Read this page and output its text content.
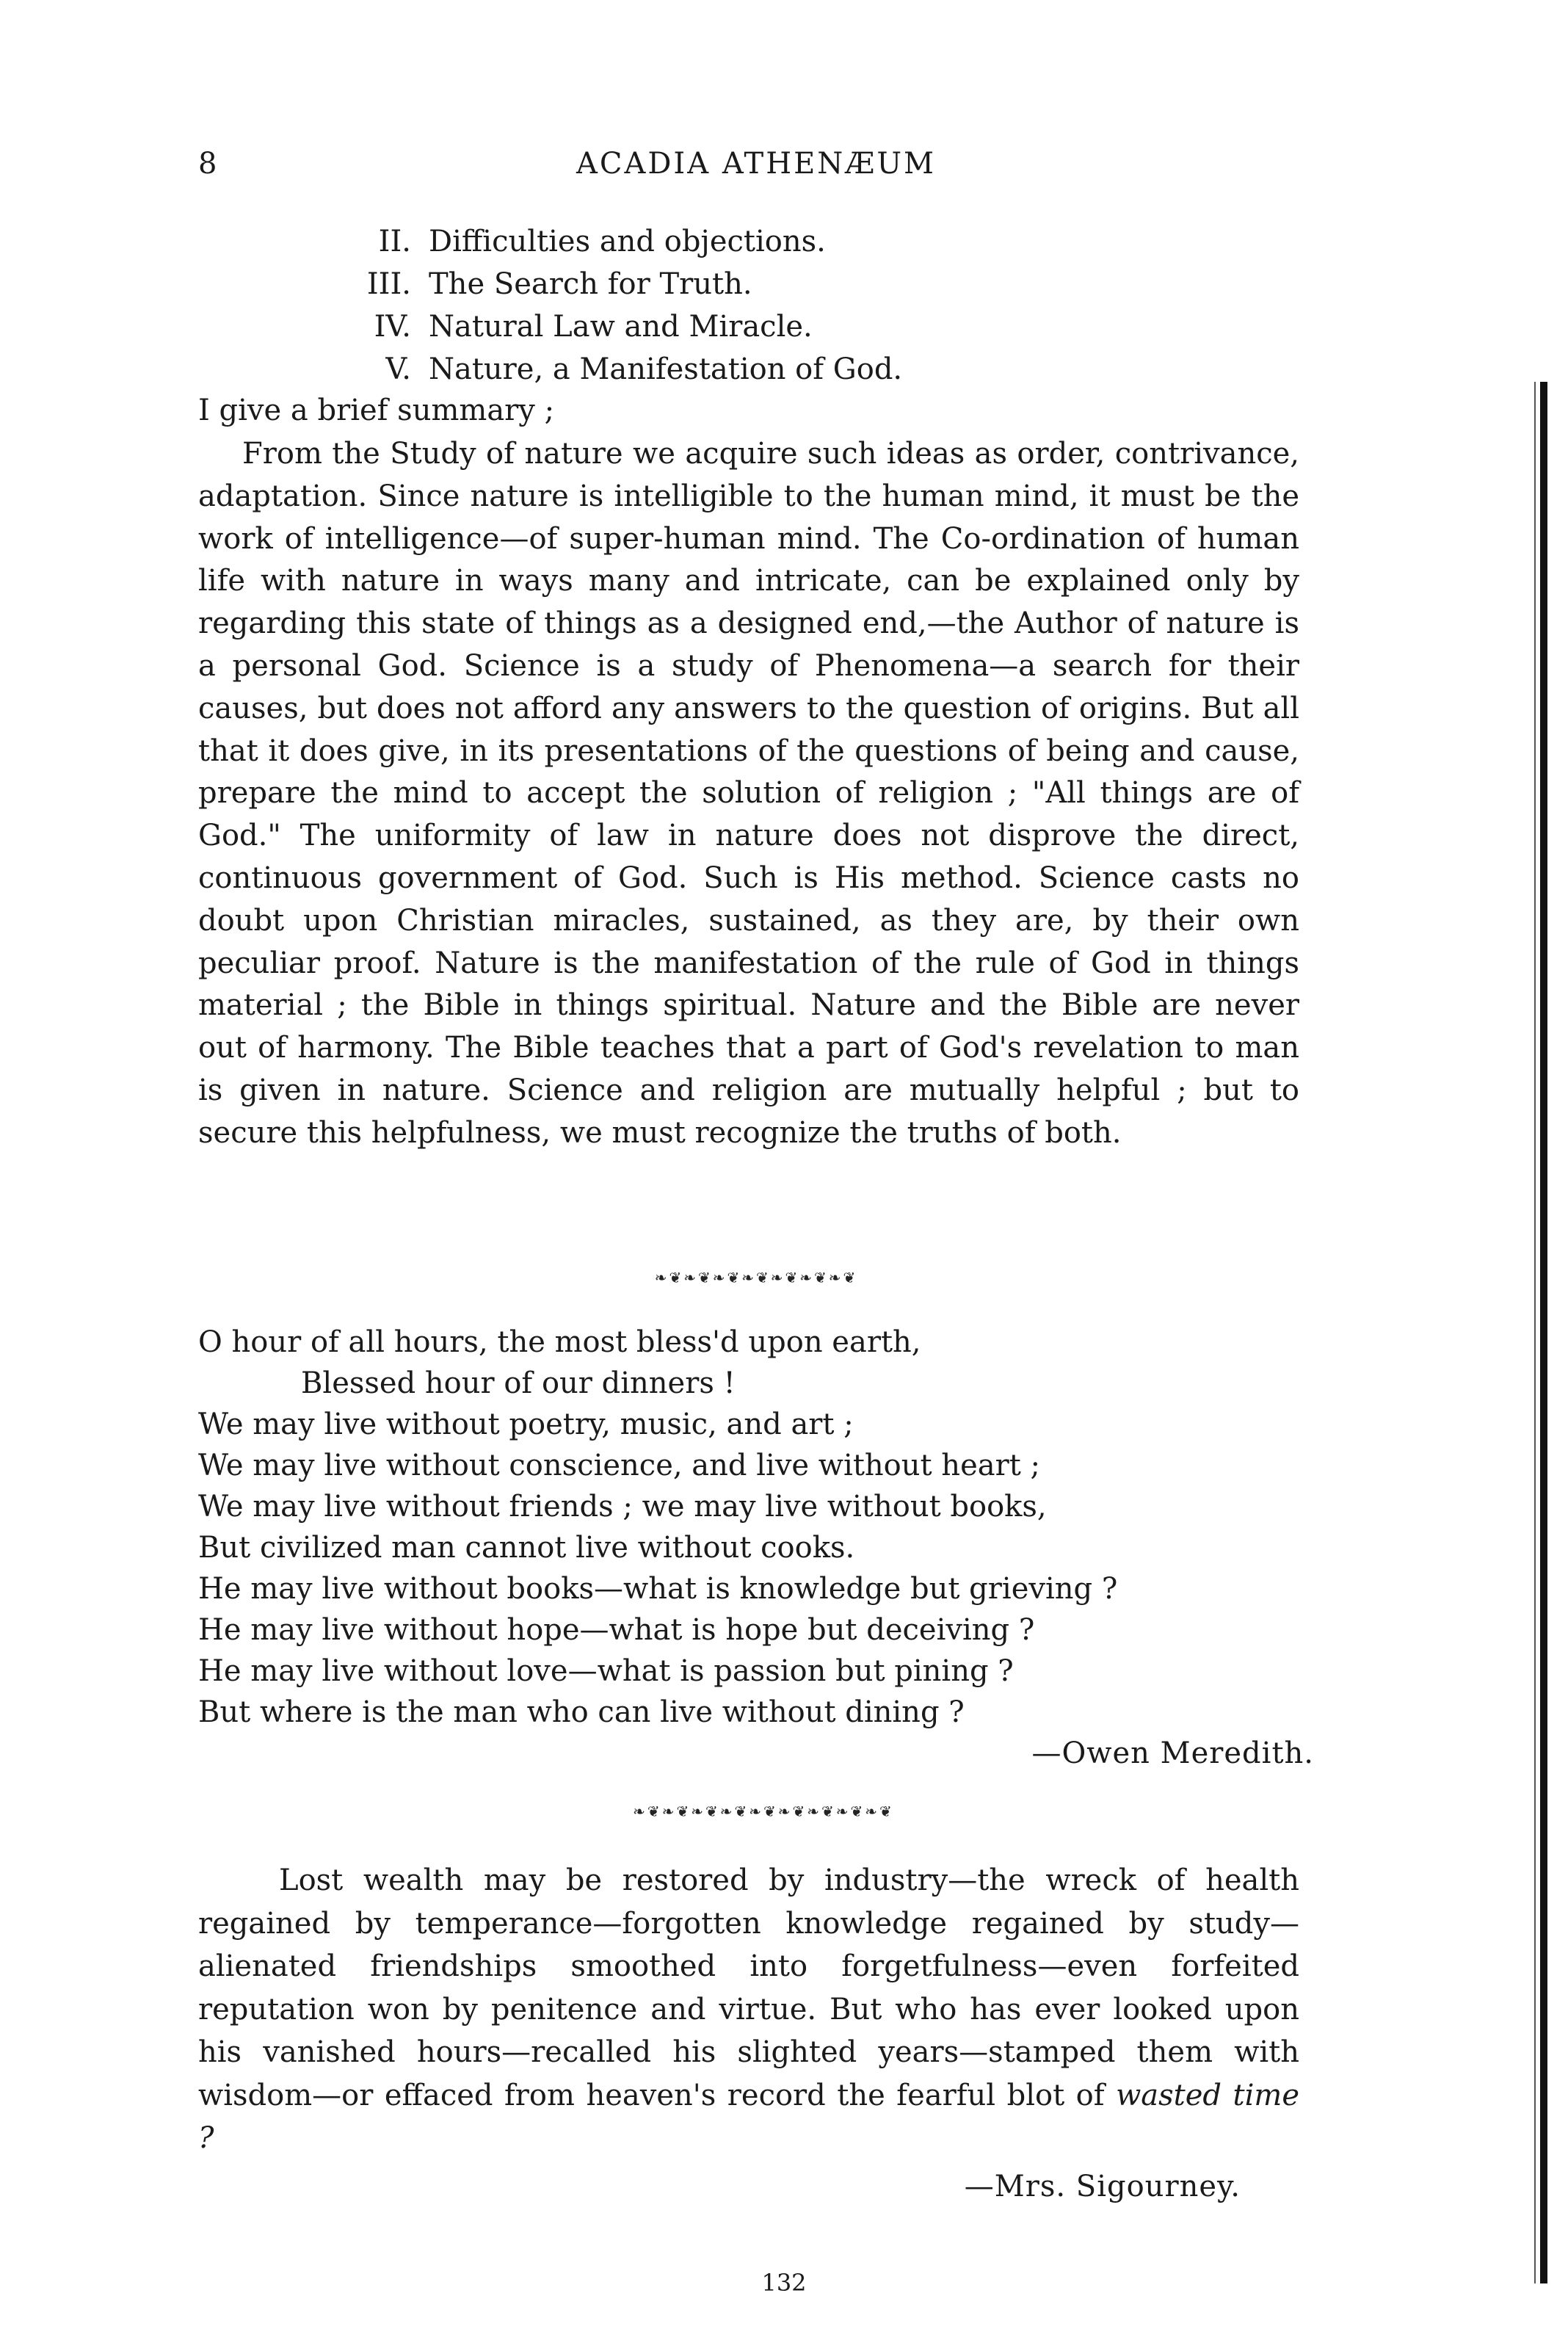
8	ACADIA ATHENÆUM
II. Difficulties and objections.
III. The Search for Truth.
IV. Natural Law and Miracle.
V. Nature, a Manifestation of God.
I give a brief summary ;

From the Study of nature we acquire such ideas as order, contrivance, adaptation. Since nature is intelligible to the human mind, it must be the work of intelligence—of super-human mind. The Co-ordination of human life with nature in ways many and intricate, can be explained only by regarding this state of things as a designed end,—the Author of nature is a personal God. Science is a study of Phenomena—a search for their causes, but does not afford any answers to the question of origins. But all that it does give, in its presentations of the questions of being and cause, prepare the mind to accept the solution of religion ; "All things are of God." The uniformity of law in nature does not disprove the direct, continuous government of God. Such is His method. Science casts no doubt upon Christian miracles, sustained, as they are, by their own peculiar proof. Nature is the manifestation of the rule of God in things material ; the Bible in things spiritual. Nature and the Bible are never out of harmony. The Bible teaches that a part of God's revelation to man is given in nature. Science and religion are mutually helpful ; but to secure this helpfulness, we must recognize the truths of both.

❧❦❧❦❧❦❧❦❧❦❧❦❧❦
O hour of all hours, the most bless'd upon earth,
Blessed hour of our dinners !
We may live without poetry, music, and art ;
We may live without conscience, and live without heart ;
We may live without friends ; we may live without books,
But civilized man cannot live without cooks.
He may live without books—what is knowledge but grieving ?
He may live without hope—what is hope but deceiving ?
He may live without love—what is passion but pining ?
But where is the man who can live without dining ?
—Owen Meredith.
❧❦❧❦❧❦❧❦❧❦❧❦❧❦❧❦❧❦

Lost wealth may be restored by industry—the wreck of health regained by temperance—forgotten knowledge regained by study—alienated friendships smoothed into forgetfulness—even forfeited reputation won by penitence and virtue. But who has ever looked upon his vanished hours—recalled his slighted years—stamped them with wisdom—or effaced from heaven's record the fearful blot of wasted time ?

—Mrs. Sigourney.
132
